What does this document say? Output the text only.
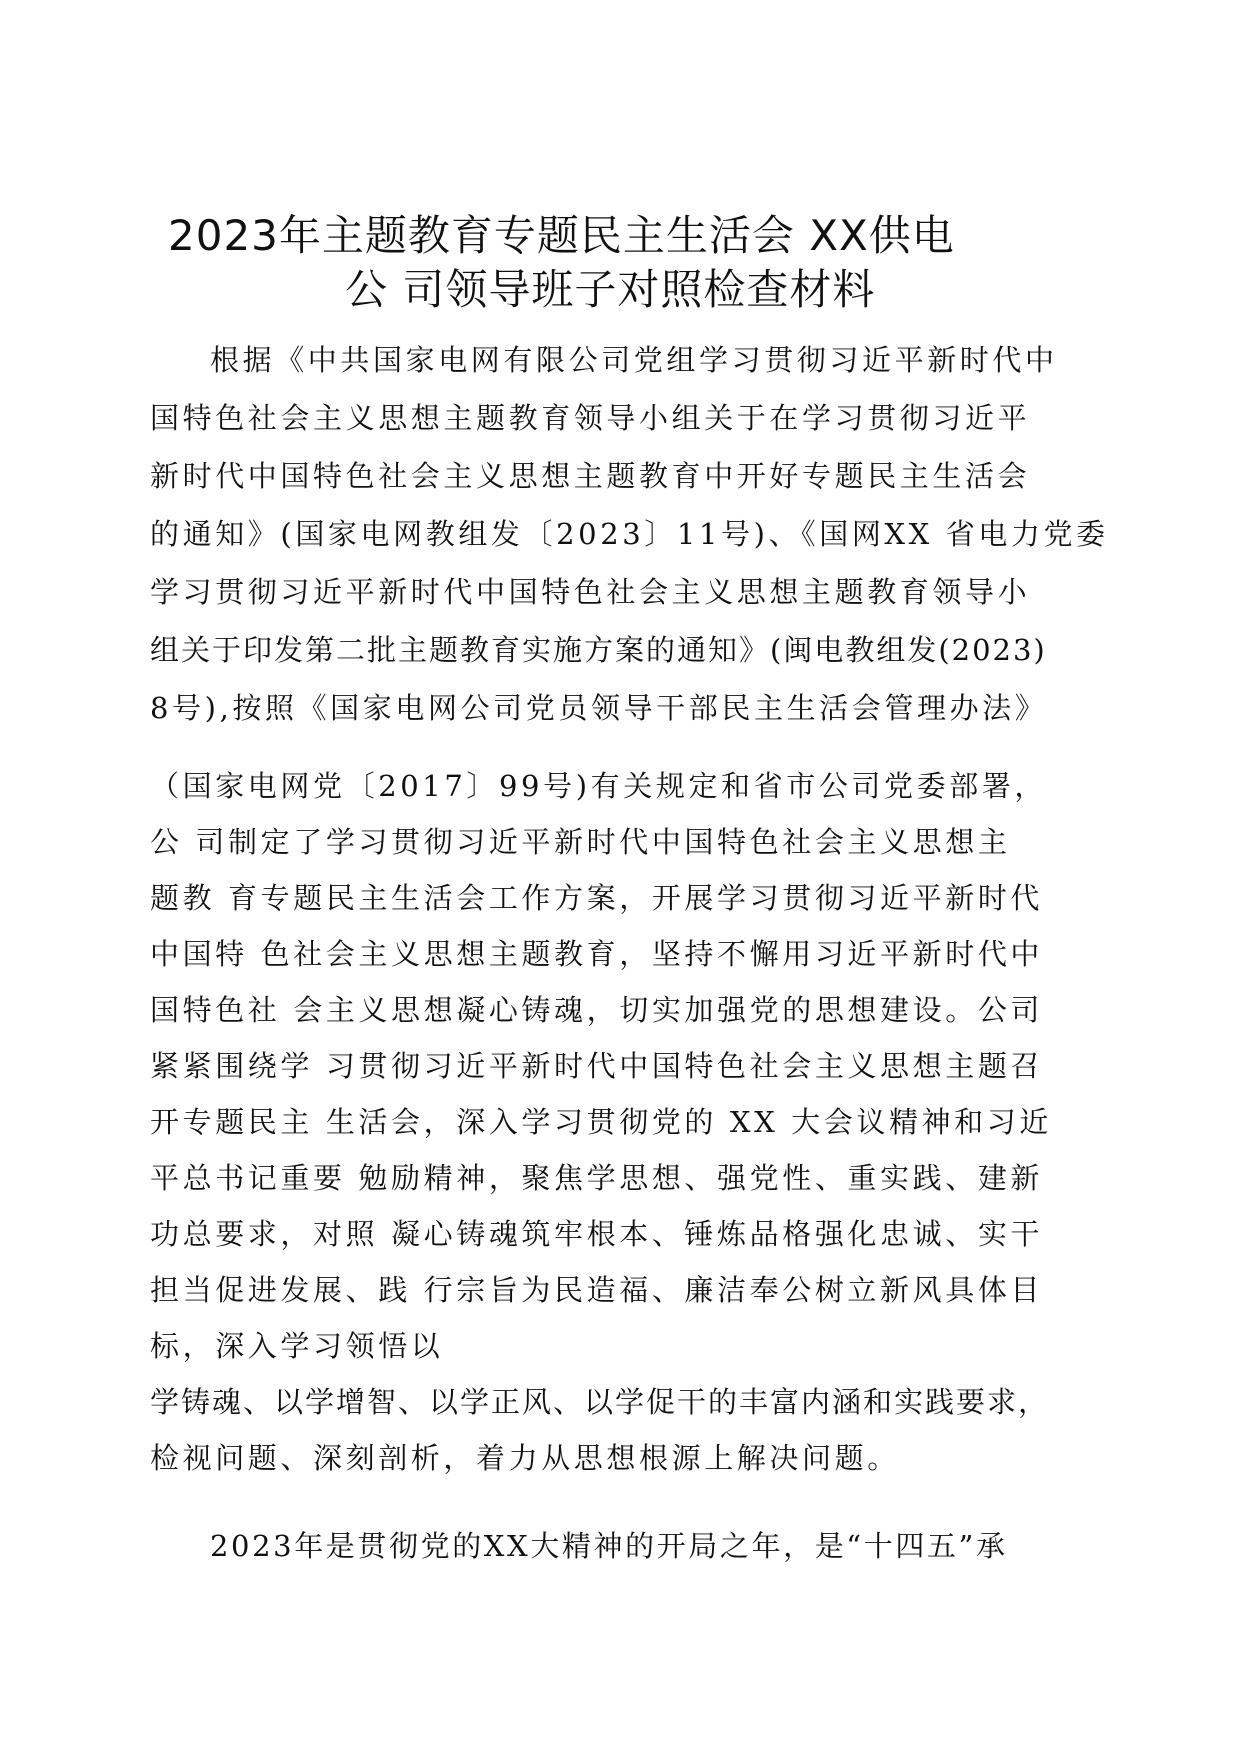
2023年主题教育专题民主生活会 XX供电
公 司领导班子对照检查材料
根据《中共国家电网有限公司党组学习贯彻习近平新时代中
国特色社会主义思想主题教育领导小组关于在学习贯彻习近平
新时代中国特色社会主义思想主题教育中开好专题民主生活会
的通知》(国家电网教组发〔2023〕11号)、《国网XX 省电力党委
学习贯彻习近平新时代中国特色社会主义思想主题教育领导小
组关于印发第二批主题教育实施方案的通知》(闽电教组发(2023)
8号),按照《国家电网公司党员领导干部民主生活会管理办法》
（国家电网党〔2017〕99号)有关规定和省市公司党委部署，
公 司制定了学习贯彻习近平新时代中国特色社会主义思想主
题教 育专题民主生活会工作方案，开展学习贯彻习近平新时代
中国特 色社会主义思想主题教育，坚持不懈用习近平新时代中
国特色社 会主义思想凝心铸魂，切实加强党的思想建设。公司
紧紧围绕学 习贯彻习近平新时代中国特色社会主义思想主题召
开专题民主 生活会，深入学习贯彻党的 XX 大会议精神和习近
平总书记重要 勉励精神，聚焦学思想、强党性、重实践、建新
功总要求，对照 凝心铸魂筑牢根本、锤炼品格强化忠诚、实干
担当促进发展、践 行宗旨为民造福、廉洁奉公树立新风具体目
标，深入学习领悟以
学铸魂、以学增智、以学正风、以学促干的丰富内涵和实践要求，
检视问题、深刻剖析，着力从思想根源上解决问题。
2023年是贯彻党的XX大精神的开局之年，是“十四五”承
